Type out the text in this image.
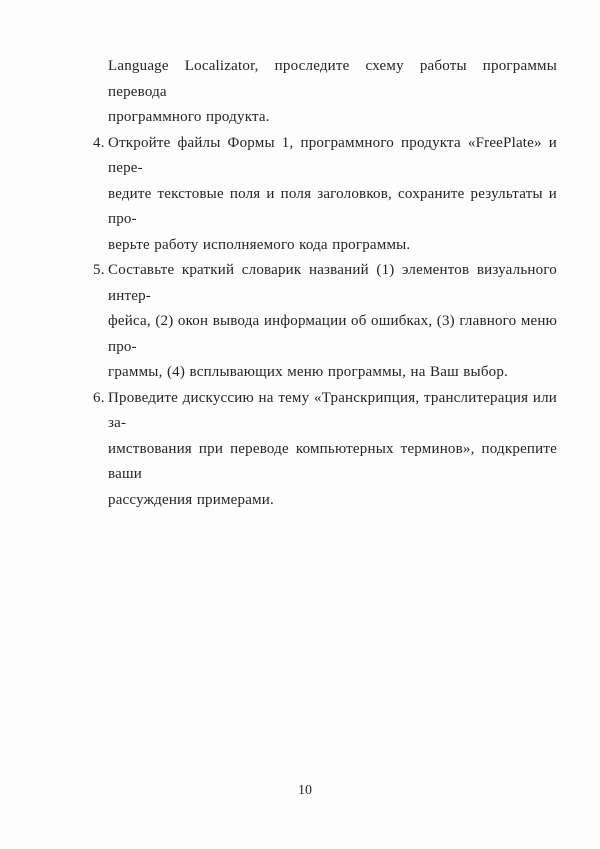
Language Localizator, проследите схему работы программы перевода
программного продукта.
4. Откройте файлы Формы 1, программного продукта «FreePlate» и пере-
ведите текстовые поля и поля заголовков, сохраните результаты и про-
верьте работу исполняемого кода программы.
5. Составьте краткий словарик названий (1) элементов визуального интер-
фейса, (2) окон вывода информации об ошибках, (3) главного меню про-
граммы, (4) всплывающих меню программы, на Ваш выбор.
6. Проведите дискуссию на тему «Транскрипция, транслитерация или за-
имствования при переводе компьютерных терминов», подкрепите ваши
рассуждения примерами.
10
